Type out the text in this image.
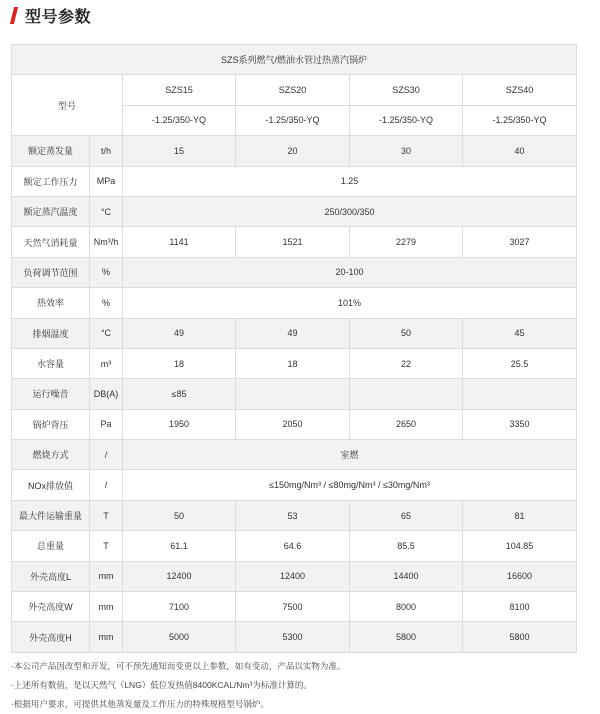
型号参数
SZS系列燃气/燃油水管过热蒸汽锅炉					
型号		SZS15	SZS20	SZS30	SZS40
		-1.25/350-YQ	-1.25/350-YQ	-1.25/350-YQ	-1.25/350-YQ
额定蒸发量	t/h	15	20	30	40
额定工作压力	MPa	1.25			
额定蒸汽温度	°C	250/300/350			
天然气消耗量	Nm³/h	1141	1521	2279	3027
负荷调节范围	%	20-100			
热效率	%	101%			
排烟温度	°C	49	49	50	45
水容量	m³	18	18	22	25.5
运行噪音	DB(A)	≤85			
锅炉背压	Pa	1950	2050	2650	3350
燃烧方式	/	室燃			
NOx排放值	/	≤150mg/Nm³ / ≤80mg/Nm³ / ≤30mg/Nm³			
最大件运输重量	T	50	53	65	81
总重量	T	61.1	64.6	85.5	104.85
外壳高度L	mm	12400	12400	14400	16600
外壳高度W	mm	7100	7500	8000	8100
外壳高度H	mm	5000	5300	5800	5800
·本公司产品因改型和开发，可不预先通知而变更以上参数，如有变动，产品以实物为准。
·上述所有数值，是以天然气（LNG）低位发热值8400KCAL/Nm³为标准计算的。
·根据用户要求，可提供其他蒸发量及工作压力的特殊规格型号锅炉。
